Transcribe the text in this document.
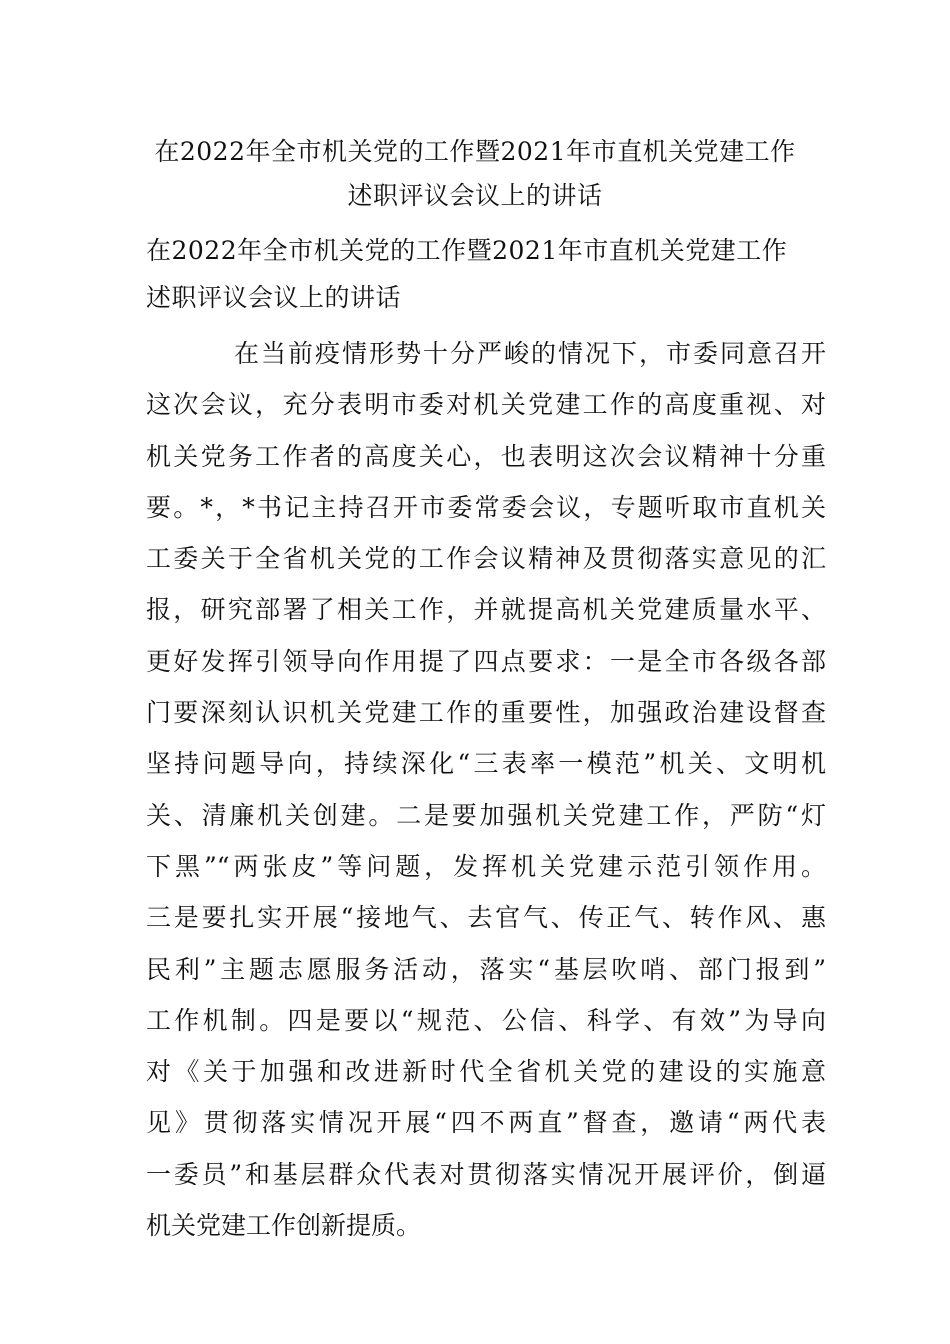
在2022年全市机关党的工作暨2021年市直机关党建工作
述职评议会议上的讲话
在2022年全市机关党的工作暨2021年市直机关党建工作
述职评议会议上的讲话
在当前疫情形势十分严峻的情况下，市委同意召开
这次会议，充分表明市委对机关党建工作的高度重视、对
机关党务工作者的高度关心，也表明这次会议精神十分重
要。*，*书记主持召开市委常委会议，专题听取市直机关
工委关于全省机关党的工作会议精神及贯彻落实意见的汇
报，研究部署了相关工作，并就提高机关党建质量水平、
更好发挥引领导向作用提了四点要求：一是全市各级各部
门要深刻认识机关党建工作的重要性，加强政治建设督查
坚持问题导向，持续深化“三表率一模范”机关、文明机
关、清廉机关创建。二是要加强机关党建工作，严防“灯
下黑”“两张皮”等问题，发挥机关党建示范引领作用。
三是要扎实开展“接地气、去官气、传正气、转作风、惠
民利”主题志愿服务活动，落实“基层吹哨、部门报到”
工作机制。四是要以“规范、公信、科学、有效”为导向
对《关于加强和改进新时代全省机关党的建设的实施意
见》贯彻落实情况开展“四不两直”督查，邀请“两代表
一委员”和基层群众代表对贯彻落实情况开展评价，倒逼
机关党建工作创新提质。
